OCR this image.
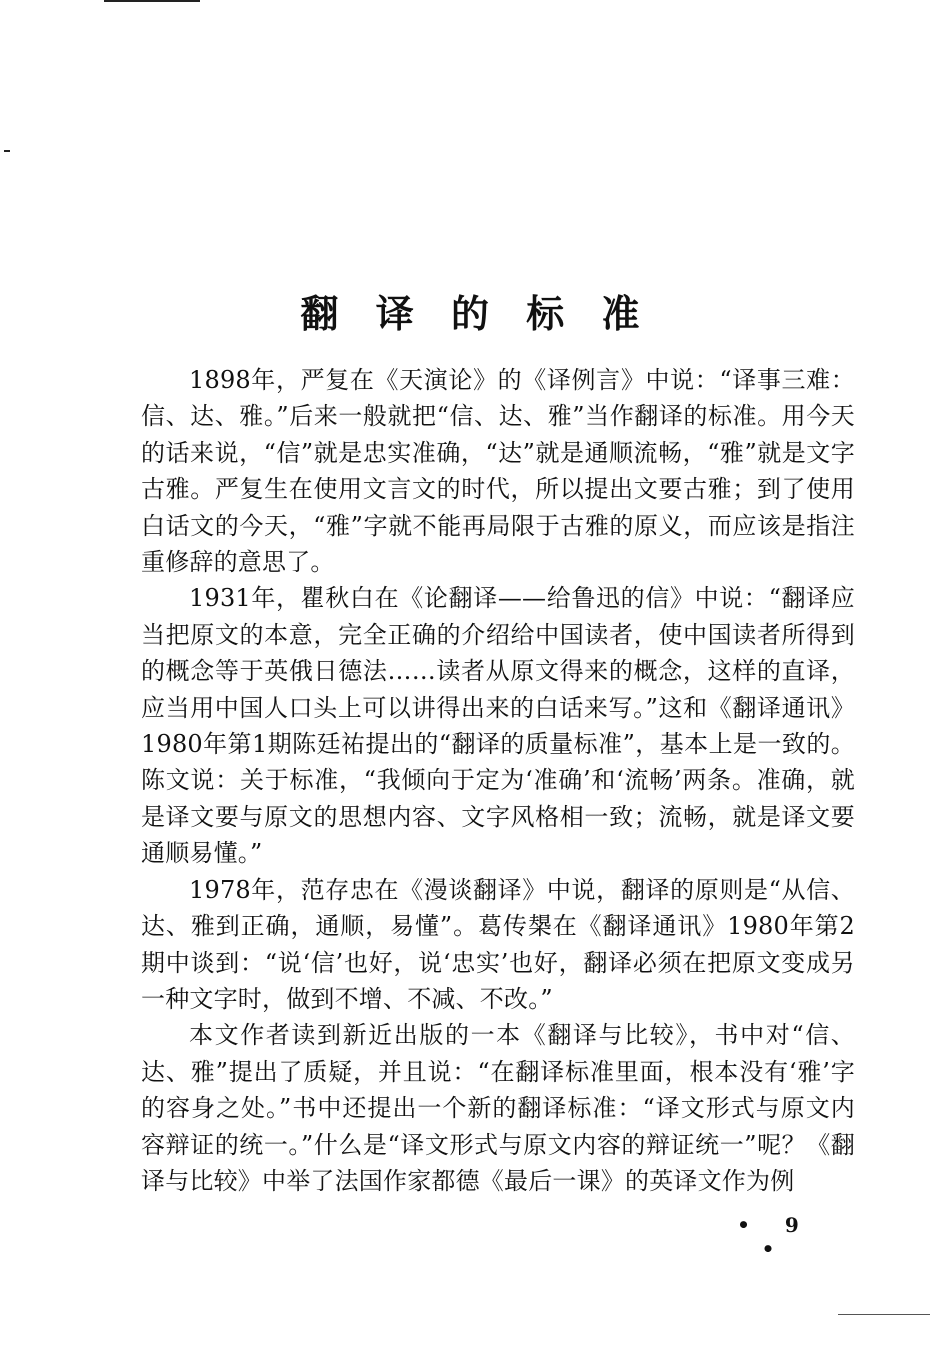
翻 译 的 标 准

1898年，严复在《天演论》的《译例言》中说：“译事三难：信、达、雅。”后来一般就把“信、达、雅”当作翻译的标准。用今天的话来说，“信”就是忠实准确，“达”就是通顺流畅，“雅”就是文字古雅。严复生在使用文言文的时代，所以提出文要古雅；到了使用白话文的今天，“雅”字就不能再局限于古雅的原义，而应该是指注重修辞的意思了。

1931年，瞿秋白在《论翻译——给鲁迅的信》中说：“翻译应当把原文的本意，完全正确的介绍给中国读者，使中国读者所得到的概念等于英俄日德法……读者从原文得来的概念，这样的直译，应当用中国人口头上可以讲得出来的白话来写。”这和《翻译通讯》1980年第1期陈廷祐提出的“翻译的质量标准”，基本上是一致的。陈文说：关于标准，“我倾向于定为‘准确’和‘流畅’两条。准确，就是译文要与原文的思想内容、文字风格相一致；流畅，就是译文要通顺易懂。”

1978年，范存忠在《漫谈翻译》中说，翻译的原则是“从信、达、雅到正确，通顺，易懂”。葛传槼在《翻译通讯》1980年第2期中谈到：“说‘信’也好，说‘忠实’也好，翻译必须在把原文变成另一种文字时，做到不增、不减、不改。”

本文作者读到新近出版的一本《翻译与比较》，书中对“信、达、雅”提出了质疑，并且说：“在翻译标准里面，根本没有‘雅’字的容身之处。”书中还提出一个新的翻译标准：“译文形式与原文内容辩证的统一。”什么是“译文形式与原文内容的辩证统一”呢？《翻译与比较》中举了法国作家都德《最后一课》的英译文作为例

• 9 •
